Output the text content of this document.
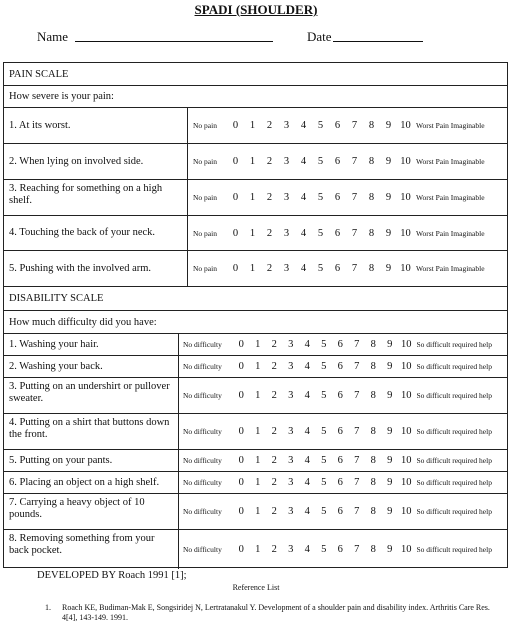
SPADI (SHOULDER)
Name	Date
PAIN SCALE
How severe is your pain:
1. At its worst.	No pain	0	1	2	3	4	5	6	7	8	9 10 Worst Pain Imaginable
2. When lying on involved side.	No pain	0	1	2	3	4	5	6	7	8	9 10 Worst Pain Imaginable
3. Reaching for something on a high shelf.	No pain	0	1	2	3	4	5	6	7	8	9 10 Worst Pain Imaginable
4. Touching the back of your neck.	No pain	0	1	2	3	4	5	6	7	8	9 10 Worst Pain Imaginable
5. Pushing with the involved arm.	No pain	0	1	2	3	4	5	6	7	8	9 10 Worst Pain Imaginable
DISABILITY SCALE
How much difficulty did you have:
1. Washing your hair.	No difficulty	0	1	2	3	4	5	6	7	8	9 10 So difficult required help
2. Washing your back.	No difficulty	0	1	2	3	4	5	6	7	8	9 10 So difficult required help
3. Putting on an undershirt or pullover sweater.	No difficulty	0	1	2	3	4	5	6	7	8	9 10 So difficult required help
4. Putting on a shirt that buttons down the front.	No difficulty	0	1	2	3	4	5	6	7	8	9 10 So difficult required help
5. Putting on your pants.	No difficulty	0	1	2	3	4	5	6	7	8	9 10 So difficult required help
6. Placing an object on a high shelf.	No difficulty	0	1	2	3	4	5	6	7	8	9 10 So difficult required help
7. Carrying a heavy object of 10 pounds.	No difficulty	0	1	2	3	4	5	6	7	8	9 10 So difficult required help
8. Removing something from your back pocket.	No difficulty	0	1	2	3	4	5	6	7	8	9 10 So difficult required help
DEVELOPED BY Roach 1991 [1];
Reference List
1. Roach KE, Budiman-Mak E, Songsiridej N, Lertratanakul Y. Development of a shoulder pain and disability index. Arthritis Care Res. 4[4], 143-149. 1991.
